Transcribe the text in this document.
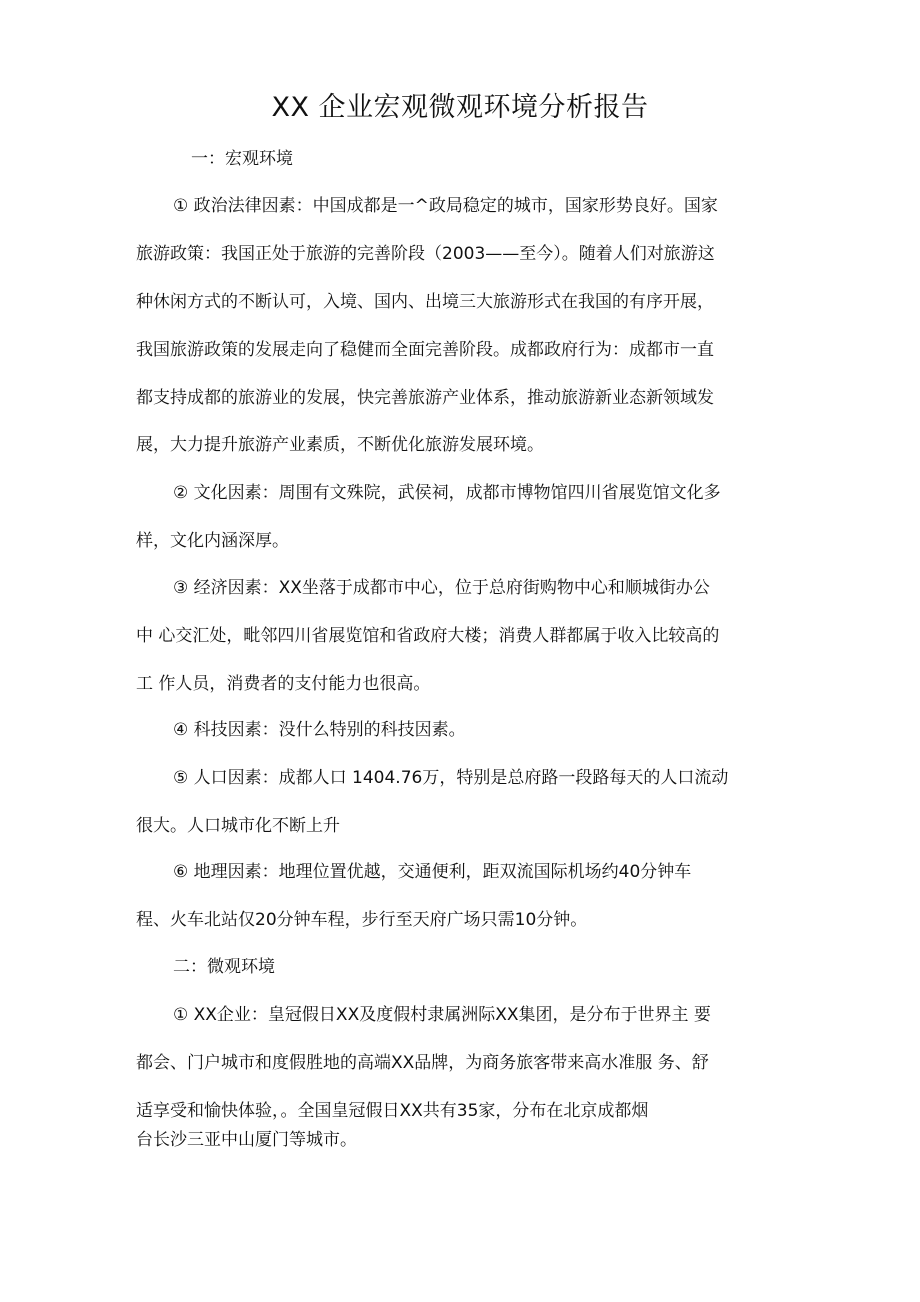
XX 企业宏观微观环境分析报告

一：宏观环境

① 政治法律因素：中国成都是一^政局稳定的城市，国家形势良好。国家

旅游政策：我国正处于旅游的完善阶段（2003——至今）。随着人们对旅游这

种休闲方式的不断认可，入境、国内、出境三大旅游形式在我国的有序开展，

我国旅游政策的发展走向了稳健而全面完善阶段。成都政府行为：成都市一直

都支持成都的旅游业的发展，快完善旅游产业体系，推动旅游新业态新领域发

展，大力提升旅游产业素质，不断优化旅游发展环境。

② 文化因素：周围有文殊院，武侯祠，成都市博物馆四川省展览馆文化多

样，文化内涵深厚。

③ 经济因素：XX坐落于成都市中心，位于总府街购物中心和顺城街办公

中 心交汇处，毗邻四川省展览馆和省政府大楼；消费人群都属于收入比较高的

工 作人员，消费者的支付能力也很高。

④ 科技因素：没什么特别的科技因素。

⑤ 人口因素：成都人口 1404.76万，特别是总府路一段路每天的人口流动

很大。人口城市化不断上升

⑥ 地理因素：地理位置优越，交通便利，距双流国际机场约40分钟车

程、火车北站仅20分钟车程，步行至天府广场只需10分钟。

二：微观环境

① XX企业：皇冠假日XX及度假村隶属洲际XX集团，是分布于世界主 要

都会、门户城市和度假胜地的高端XX品牌，为商务旅客带来高水准服 务、舒

适享受和愉快体验，。全国皇冠假日XX共有35家，分布在北京成都烟

台长沙三亚中山厦门等城市。
